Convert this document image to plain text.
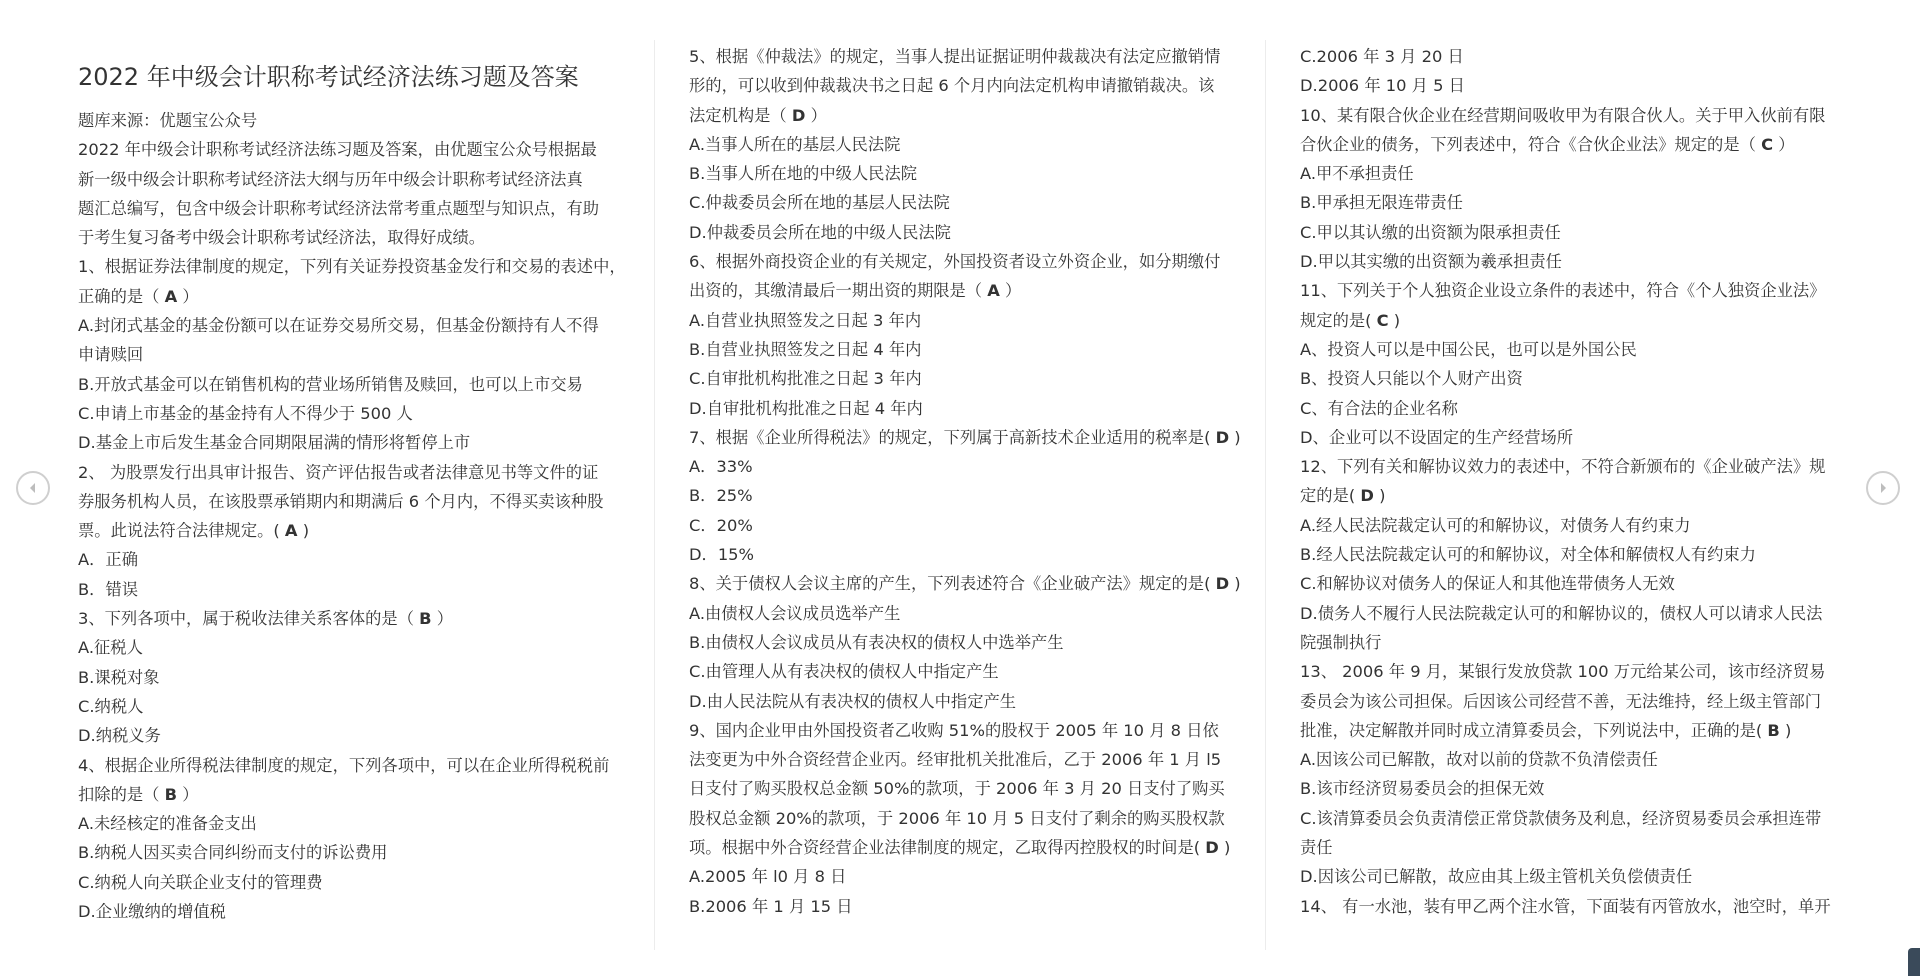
2022 年中级会计职称考试经济法练习题及答案

题库来源：优题宝公众号

2022 年中级会计职称考试经济法练习题及答案，由优题宝公众号根据最

新一级中级会计职称考试经济法大纲与历年中级会计职称考试经济法真

题汇总编写，包含中级会计职称考试经济法常考重点题型与知识点，有助

于考生复习备考中级会计职称考试经济法，取得好成绩。

1、根据证券法律制度的规定，下列有关证券投资基金发行和交易的表述中，

正确的是（ A ）

A.封闭式基金的基金份额可以在证券交易所交易，但基金份额持有人不得

申请赎回

B.开放式基金可以在销售机构的营业场所销售及赎回，也可以上市交易

C.申请上市基金的基金持有人不得少于 500 人

D.基金上市后发生基金合同期限届满的情形将暂停上市

2、 为股票发行出具审计报告、资产评估报告或者法律意见书等文件的证

券服务机构人员，在该股票承销期内和期满后 6 个月内，不得买卖该种股

票。此说法符合法律规定。( A )

A．正确

B．错误

3、下列各项中，属于税收法律关系客体的是（ B ）

A.征税人

B.课税对象

C.纳税人

D.纳税义务

4、根据企业所得税法律制度的规定，下列各项中，可以在企业所得税税前

扣除的是（ B ）

A.未经核定的准备金支出

B.纳税人因买卖合同纠纷而支付的诉讼费用

C.纳税人向关联企业支付的管理费

D.企业缴纳的增值税

5、根据《仲裁法》的规定，当事人提出证据证明仲裁裁决有法定应撤销情

形的，可以收到仲裁裁决书之日起 6 个月内向法定机构申请撤销裁决。该

法定机构是（ D ）

A.当事人所在的基层人民法院

B.当事人所在地的中级人民法院

C.仲裁委员会所在地的基层人民法院

D.仲裁委员会所在地的中级人民法院

6、根据外商投资企业的有关规定，外国投资者设立外资企业，如分期缴付

出资的，其缴清最后一期出资的期限是（ A ）

A.自营业执照签发之日起 3 年内

B.自营业执照签发之日起 4 年内

C.自审批机构批准之日起 3 年内

D.自审批机构批准之日起 4 年内

7、根据《企业所得税法》的规定，下列属于高新技术企业适用的税率是( D )

A．33%

B．25%

C．20%

D．15%

8、关于债权人会议主席的产生，下列表述符合《企业破产法》规定的是( D )

A.由债权人会议成员选举产生

B.由债权人会议成员从有表决权的债权人中选举产生

C.由管理人从有表决权的债权人中指定产生

D.由人民法院从有表决权的债权人中指定产生

9、国内企业甲由外国投资者乙收购 51%的股权于 2005 年 10 月 8 日依

法变更为中外合资经营企业丙。经审批机关批准后，乙于 2006 年 1 月 l5

日支付了购买股权总金额 50%的款项，于 2006 年 3 月 20 日支付了购买

股权总金额 20%的款项，于 2006 年 10 月 5 日支付了剩余的购买股权款

项。根据中外合资经营企业法律制度的规定，乙取得丙控股权的时间是( D )

A.2005 年 l0 月 8 日

B.2006 年 1 月 15 日

C.2006 年 3 月 20 日

D.2006 年 10 月 5 日

10、某有限合伙企业在经营期间吸收甲为有限合伙人。关于甲入伙前有限

合伙企业的债务，下列表述中，符合《合伙企业法》规定的是（ C ）

A.甲不承担责任

B.甲承担无限连带责任

C.甲以其认缴的出资额为限承担责任

D.甲以其实缴的出资额为羲承担责任

11、下列关于个人独资企业设立条件的表述中，符合《个人独资企业法》

规定的是( C )

A、投资人可以是中国公民，也可以是外国公民

B、投资人只能以个人财产出资

C、有合法的企业名称

D、企业可以不设固定的生产经营场所

12、下列有关和解协议效力的表述中，不符合新颁布的《企业破产法》规

定的是( D )

A.经人民法院裁定认可的和解协议，对债务人有约束力

B.经人民法院裁定认可的和解协议，对全体和解债权人有约束力

C.和解协议对债务人的保证人和其他连带债务人无效

D.债务人不履行人民法院裁定认可的和解协议的，债权人可以请求人民法

院强制执行

13、 2006 年 9 月，某银行发放贷款 100 万元给某公司，该市经济贸易

委员会为该公司担保。后因该公司经营不善，无法维持，经上级主管部门

批准，决定解散并同时成立清算委员会，下列说法中，正确的是( B )

A.因该公司已解散，故对以前的贷款不负清偿责任

B.该市经济贸易委员会的担保无效

C.该清算委员会负责清偿正常贷款债务及利息，经济贸易委员会承担连带

责任

D.因该公司已解散，故应由其上级主管机关负偿债责任

14、 有一水池，装有甲乙两个注水管，下面装有丙管放水，池空时，单开
